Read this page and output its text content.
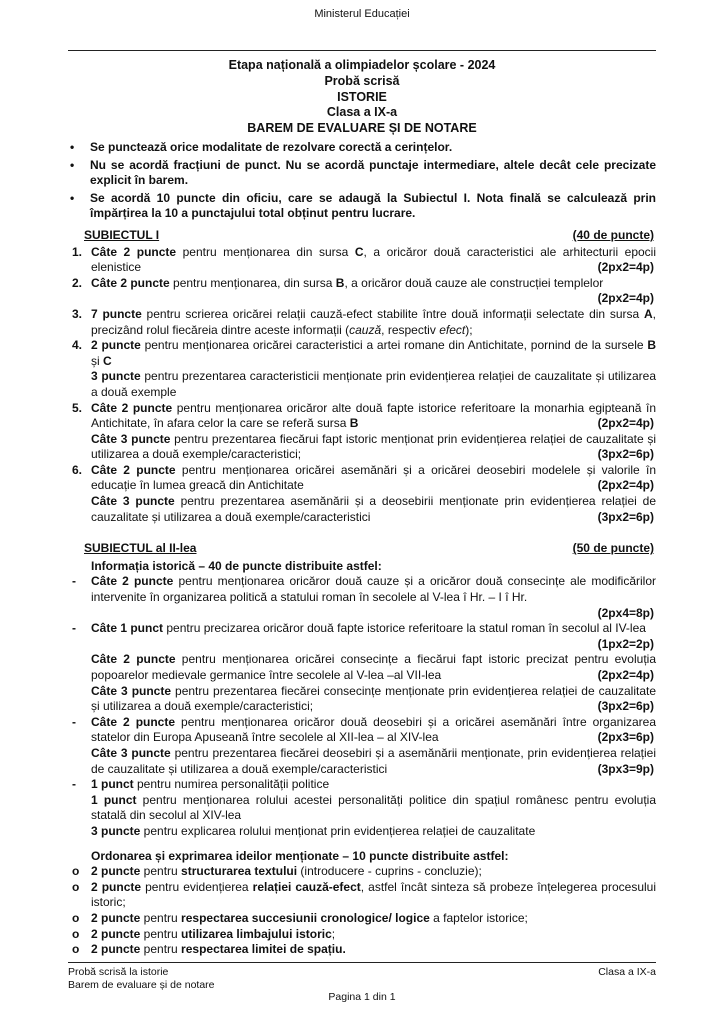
Ministerul Educației
Etapa națională a olimpiadelor școlare - 2024
Probă scrisă
ISTORIE
Clasa a IX-a
BAREM DE EVALUARE ȘI DE NOTARE
• Se punctează orice modalitate de rezolvare corectă a cerințelor.
• Nu se acordă fracțiuni de punct. Nu se acordă punctaje intermediare, altele decât cele precizate explicit în barem.
• Se acordă 10 puncte din oficiu, care se adaugă la Subiectul I. Nota finală se calculează prin împărțirea la 10 a punctajului total obținut pentru lucrare.
SUBIECTUL I	(40 de puncte)
1. Câte 2 puncte pentru menționarea din sursa C, a oricăror două caracteristici ale arhitecturii epocii elenistice	(2px2=4p)
2. Câte 2 puncte pentru menționarea, din sursa B, a oricăror două cauze ale construcției templelor
(2px2=4p)
3. 7 puncte pentru scrierea oricărei relații cauză-efect stabilite între două informații selectate din sursa A, precizând rolul fiecăreia dintre aceste informații (cauză, respectiv efect);
4. 2 puncte pentru menționarea oricărei caracteristici a artei romane din Antichitate, pornind de la sursele B și C
3 puncte pentru prezentarea caracteristicii menționate prin evidențierea relației de cauzalitate și utilizarea a două exemple
5. Câte 2 puncte pentru menționarea oricăror alte două fapte istorice referitoare la monarhia egipteană în Antichitate, în afara celor la care se referă sursa B	(2px2=4p)
Câte 3 puncte pentru prezentarea fiecărui fapt istoric menționat prin evidențierea relației de cauzalitate și utilizarea a două exemple/caracteristici;	(3px2=6p)
6. Câte 2 puncte pentru menționarea oricărei asemănări și a oricărei deosebiri modelele și valorile în educație în lumea greacă din Antichitate	(2px2=4p)
Câte 3 puncte pentru prezentarea asemănării și a deosebirii menționate prin evidențierea relației de cauzalitate și utilizarea a două exemple/caracteristici	(3px2=6p)
SUBIECTUL al II-lea	(50 de puncte)
Informația istorică – 40 de puncte distribuite astfel:
- Câte 2 puncte pentru menționarea oricăror două cauze și a oricăror două consecințe ale modificărilor intervenite în organizarea politică a statului roman în secolele al V-lea î Hr. – I î Hr.
(2px4=8p)
- Câte 1 punct pentru precizarea oricăror două fapte istorice referitoare la statul roman în secolul al IV-lea
(1px2=2p)
Câte 2 puncte pentru menționarea oricărei consecințe a fiecărui fapt istoric precizat pentru evoluția popoarelor medievale germanice între secolele al V-lea –al VII-lea	(2px2=4p)
Câte 3 puncte pentru prezentarea fiecărei consecințe menționate prin evidențierea relației de cauzalitate și utilizarea a două exemple/caracteristici;	(3px2=6p)
- Câte 2 puncte pentru menționarea oricăror două deosebiri și a oricărei asemănări între organizarea statelor din Europa Apuseană între secolele al XII-lea – al XIV-lea	(2px3=6p)
Câte 3 puncte pentru prezentarea fiecărei deosebiri și a asemănării menționate, prin evidențierea relației de cauzalitate și utilizarea a două exemple/caracteristici	(3px3=9p)
- 1 punct pentru numirea personalității politice
1 punct pentru menționarea rolului acestei personalități politice din spațiul românesc pentru evoluția statală din secolul al XIV-lea
3 puncte pentru explicarea rolului menționat prin evidențierea relației de cauzalitate
Ordonarea și exprimarea ideilor menționate – 10 puncte distribuite astfel:
o 2 puncte pentru structurarea textului (introducere - cuprins - concluzie);
o 2 puncte pentru evidențierea relației cauză-efect, astfel încât sinteza să probeze înțelegerea procesului istoric;
o 2 puncte pentru respectarea succesiunii cronologice/ logice a faptelor istorice;
o 2 puncte pentru utilizarea limbajului istoric;
o 2 puncte pentru respectarea limitei de spațiu.
Probă scrisă la istorie
Barem de evaluare și de notare
Clasa a IX-a
Pagina 1 din 1
